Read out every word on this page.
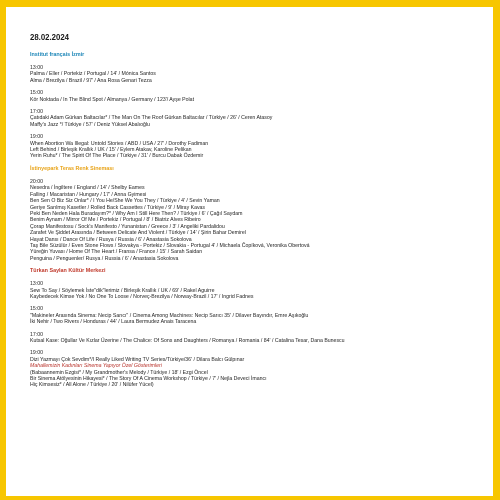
28.02.2024
Institut français İzmir
13:00
Palma / Eller / Portekiz / Portugal / 14' / Mónica Santos
Alma / Brezilya / Brazil / 97' / Ana Rosa Genari Tezza
15:00
Kör Noktada / In The Blind Spot / Almanya / Germany / 123'/ Ayşe Polat
17:00
Çatıdaki Adam Gürkan Baltacılar* / The Man On The Roof Gürkan Baltacılar / Türkiye / 26' / Ceren Atasoy
Maffy's Jazz */ Türkiye / 57' / Deniz Yüksel Abalıoğlu
19:00
When Abortion Wa Illegal: Untold Stories / ABD / USA / 27' / Dorothy Fadiman
Left Behind / Birleşik Krallık / UK / 15' / Eylem Atakav, Karoline Pelikan
Yerin Ruhu* / The Spirit Of The Place / Türkiye / 31' / Burcu Dabak Özdemir
İstinyepark Teras Renk Sineması
20:00
Nesedra / İngiltere / England / 14' / Shelby Eames
Falling / Macaristan / Hungary / 17' / Anna Gyimesi
Ben Sen O Biz Siz Onlar* / I You He/She We You They / Türkiye / 4' / Sevin Yaman
Geriye Sarılmış Kasetler / Rolled Back Cassettes / Türkiye / 9' / Miray Kavas
Peki Ben Neden Hala Buradayım?* / Why Am I Still Here Then? / Türkiye / 6' / Çağıl Saydam
Benim Aynam / Mirror Of Me / Portekiz / Portugal / 8' / Biatriz Alves Ribeiro
Çorap Manifestosu / Sock's Manifesto / Yunanistan / Greece / 3' / Angeliki Pardalidou
Zarafet Ve Şiddet Arasında / Between Delicate And Violent / Türkiye / 14' / Şirin Bahar Demirel
Hayat Dansı / Dance Of Life / Rusya / Russia / 6' / Anastasia Sokolova
Taş Bile Süzülür / Even Stone Flows / Slovakya - Portekiz / Slovakia - Portugal 4' / Michaela Čopíková, Veronika Obertová
Yüreğin Yuvası / Home Of The Heart / Fransa / France / 15' / Sarah Saidan
Penguina / Penguenler/ Rusya / Russia / 6' / Anastasia Sokolova
Türkan Saylan Kültür Merkezi
13:00
Sew To Say / Söylemek İste"dik"lerimiz / Birleşik Krallık / UK / 69' / Rakel Aguirre
Kaybedecek Kimse Yok / No One To Loose / Norveç-Brezilya / Norway-Brazil / 17' / Ingrid Fadnes
15:00
"Makineler Arasında Sinema: Necip Sarıcı" / Cinema Among Machines: Necip Sarıcı 35' / Dilaver Bayındır, Emre Aşıkoğlu
İki Nehir / Two Rivers / Honduras / 44' / Laura Bermudez Anais Taracena
17:00
Kutsal Kase: Oğullar Ve Kızlar Üzerine / The Chalice: Of Sons and Daughters / Romanya / Romania / 84' / Catalina Tesar, Dana Bunescu
19:00
Dizi Yazmayı Çok Sevdim*/I Really Liked Writing TV Series/Türkiye/36' / Dilara Balcı Gülpınar
Mahallemizin Kadınları Sinema Yapıyor Özel Gösterimleri
(Babaannemin Ezgisi* / My Grandmother's Melody / Türkiye / 18' / Ezgi Öncel
Bir Sinema Atölyesinin Hikayesi* / The Story Of A Cinema Workshop / Türkiye / 7' / Nejla Deveci İmancı
Hiç Kimsesiz* / All Alone / Türkiye / 20' / Nilüfer Yücel)
